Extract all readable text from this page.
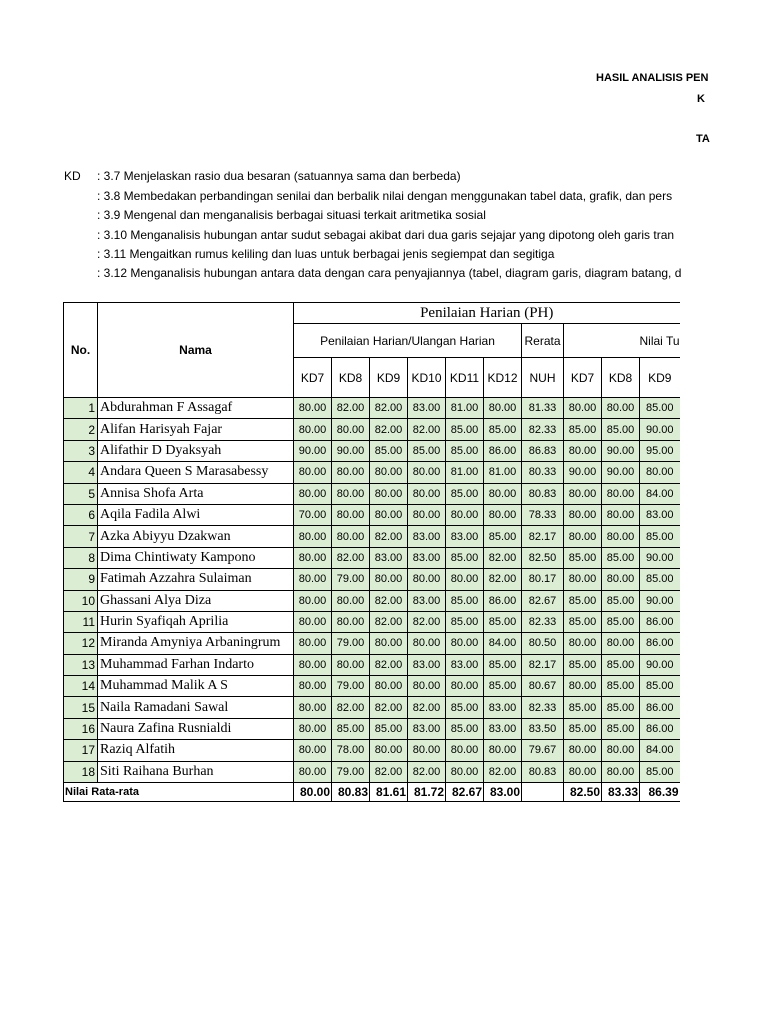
HASIL ANALISIS PEN
K
TA
KD : 3.7 Menjelaskan rasio dua besaran (satuannya sama dan berbeda)
: 3.8 Membedakan perbandingan senilai dan berbalik nilai dengan menggunakan tabel data, grafik, dan pers
: 3.9 Mengenal dan menganalisis berbagai situasi terkait aritmetika sosial
: 3.10 Menganalisis hubungan antar sudut sebagai akibat dari dua garis sejajar yang dipotong oleh garis tran
: 3.11 Mengaitkan rumus keliling dan luas untuk berbagai jenis segiempat dan segitiga
: 3.12 Menganalisis hubungan antara data dengan cara penyajiannya (tabel, diagram garis, diagram batang, d
No.	Nama	Penilaian Harian (PH)									
		Penilaian Harian/Ulangan Harian						Rerata	Nilai Tu		
		KD7	KD8	KD9	KD10	KD11	KD12	NUH	KD7	KD8	KD9
1	Abdurahman F Assagaf	80.00	82.00	82.00	83.00	81.00	80.00	81.33	80.00	80.00	85.00
2	Alifan Harisyah Fajar	80.00	80.00	82.00	82.00	85.00	85.00	82.33	85.00	85.00	90.00
3	Alifathir D Dyaksyah	90.00	90.00	85.00	85.00	85.00	86.00	86.83	80.00	90.00	95.00
4	Andara Queen S Marasabessy	80.00	80.00	80.00	80.00	81.00	81.00	80.33	90.00	90.00	80.00
5	Annisa Shofa Arta	80.00	80.00	80.00	80.00	85.00	80.00	80.83	80.00	80.00	84.00
6	Aqila Fadila Alwi	70.00	80.00	80.00	80.00	80.00	80.00	78.33	80.00	80.00	83.00
7	Azka Abiyyu Dzakwan	80.00	80.00	82.00	83.00	83.00	85.00	82.17	80.00	80.00	85.00
8	Dima Chintiwaty Kampono	80.00	82.00	83.00	83.00	85.00	82.00	82.50	85.00	85.00	90.00
9	Fatimah Azzahra Sulaiman	80.00	79.00	80.00	80.00	80.00	82.00	80.17	80.00	80.00	85.00
10	Ghassani Alya Diza	80.00	80.00	82.00	83.00	85.00	86.00	82.67	85.00	85.00	90.00
11	Hurin Syafiqah Aprilia	80.00	80.00	82.00	82.00	85.00	85.00	82.33	85.00	85.00	86.00
12	Miranda Amyniya Arbaningrum	80.00	79.00	80.00	80.00	80.00	84.00	80.50	80.00	80.00	86.00
13	Muhammad Farhan Indarto	80.00	80.00	82.00	83.00	83.00	85.00	82.17	85.00	85.00	90.00
14	Muhammad Malik A S	80.00	79.00	80.00	80.00	80.00	85.00	80.67	80.00	85.00	85.00
15	Naila Ramadani Sawal	80.00	82.00	82.00	82.00	85.00	83.00	82.33	85.00	85.00	86.00
16	Naura Zafina Rusnialdi	80.00	85.00	85.00	83.00	85.00	83.00	83.50	85.00	85.00	86.00
17	Raziq Alfatih	80.00	78.00	80.00	80.00	80.00	80.00	79.67	80.00	80.00	84.00
18	Siti Raihana Burhan	80.00	79.00	82.00	82.00	80.00	82.00	80.83	80.00	80.00	85.00
Nilai Rata-rata		80.00	80.83	81.61	81.72	82.67	83.00		82.50	83.33	86.39
